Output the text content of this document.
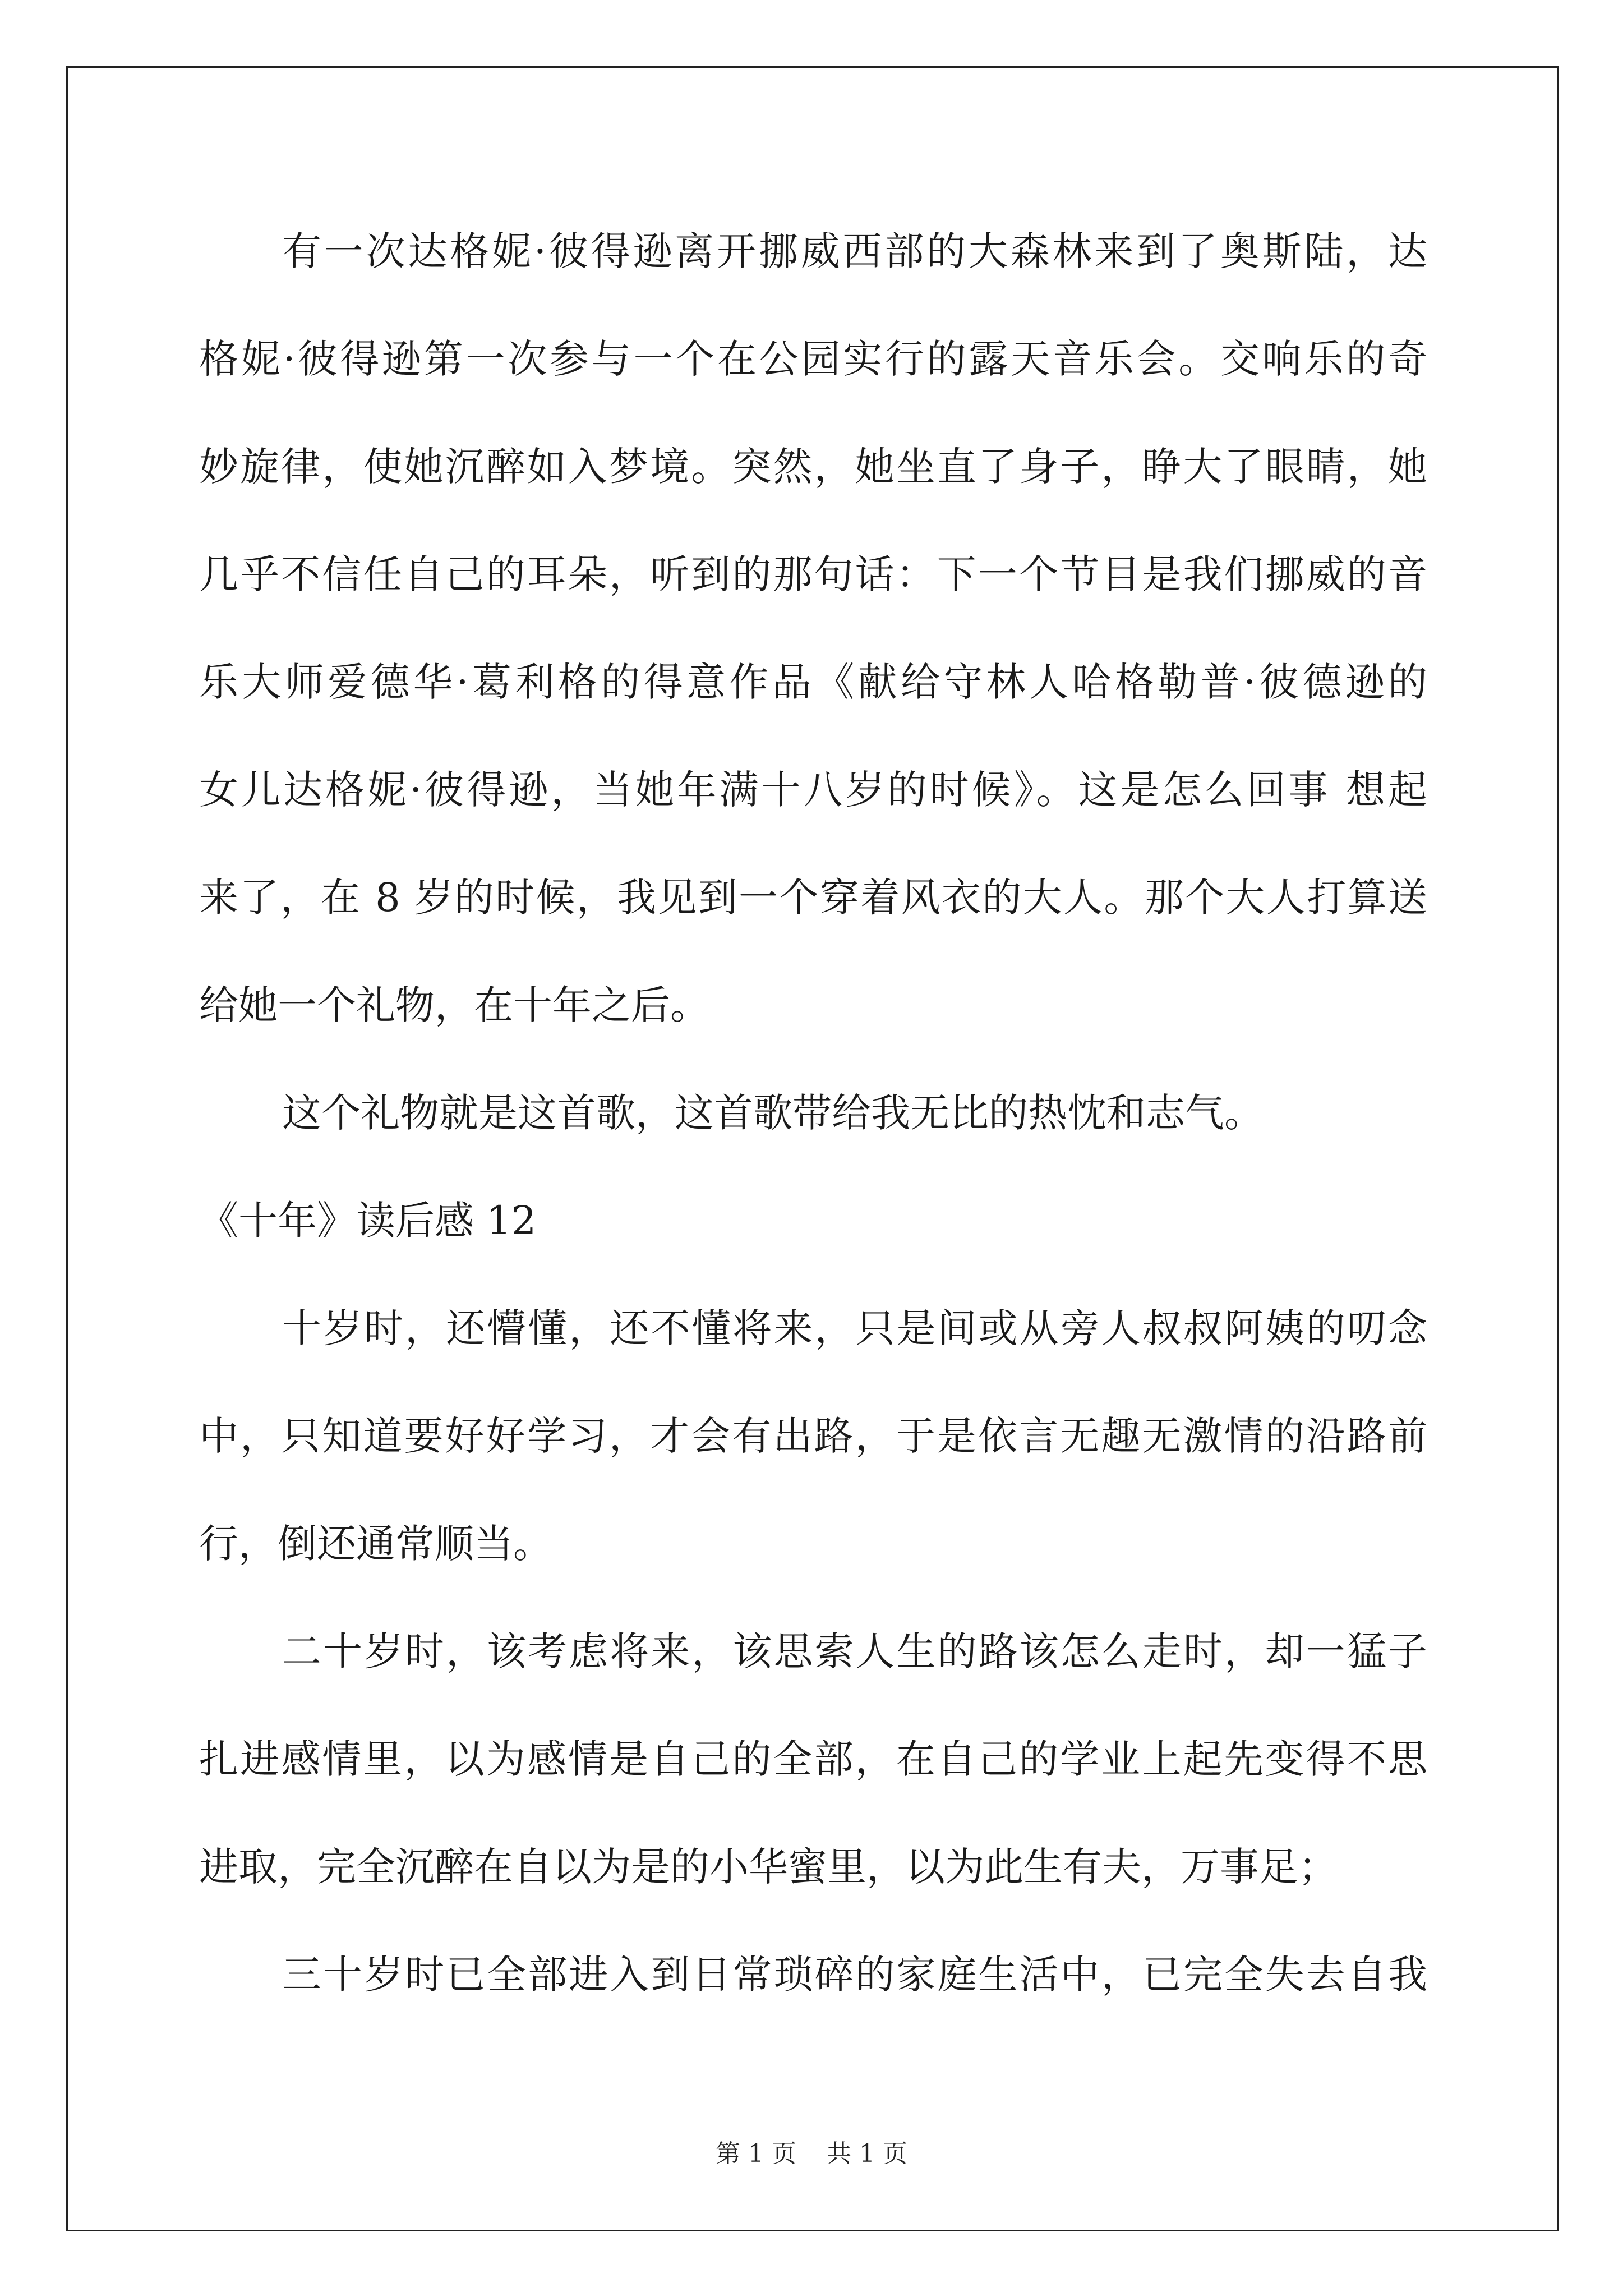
有一次达格妮·彼得逊离开挪威西部的大森林来到了奥斯陆，达
格妮·彼得逊第一次参与一个在公园实行的露天音乐会。交响乐的奇
妙旋律，使她沉醉如入梦境。突然，她坐直了身子，睁大了眼睛，她
几乎不信任自己的耳朵，听到的那句话：下一个节目是我们挪威的音
乐大师爱德华·葛利格的得意作品《献给守林人哈格勒普·彼德逊的
女儿达格妮·彼得逊，当她年满十八岁的时候》。这是怎么回事 想起
来了，在 8 岁的时候，我见到一个穿着风衣的大人。那个大人打算送
给她一个礼物，在十年之后。
这个礼物就是这首歌，这首歌带给我无比的热忱和志气。
《十年》读后感 12
十岁时，还懵懂，还不懂将来，只是间或从旁人叔叔阿姨的叨念
中，只知道要好好学习，才会有出路，于是依言无趣无激情的沿路前
行，倒还通常顺当。
二十岁时，该考虑将来，该思索人生的路该怎么走时，却一猛子
扎进感情里，以为感情是自己的全部，在自己的学业上起先变得不思
进取，完全沉醉在自以为是的小华蜜里，以为此生有夫，万事足；
三十岁时已全部进入到日常琐碎的家庭生活中，已完全失去自我
第 1 页 共 1 页
